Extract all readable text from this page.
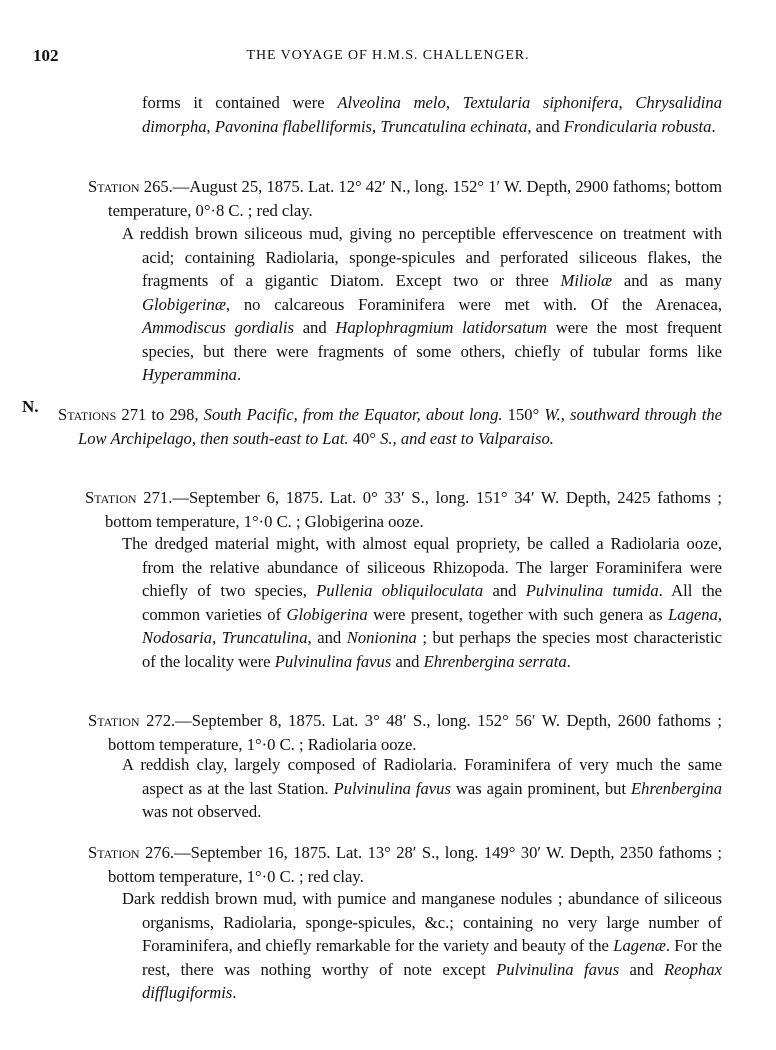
102	THE VOYAGE OF H.M.S. CHALLENGER.
forms it contained were Alveolina melo, Textularia siphonifera, Chrysalidina dimorpha, Pavonina flabelliformis, Truncatulina echinata, and Frondicularia robusta.
Station 265.—August 25, 1875. Lat. 12° 42′ N., long. 152° 1′ W. Depth, 2900 fathoms; bottom temperature, 0°·8 C. ; red clay.
A reddish brown siliceous mud, giving no perceptible effervescence on treatment with acid; containing Radiolaria, sponge-spicules and perforated siliceous flakes, the fragments of a gigantic Diatom. Except two or three Miliolæ and as many Globigerinæ, no calcareous Foraminifera were met with. Of the Arenacea, Ammodiscus gordialis and Haplophragmium latidorsatum were the most frequent species, but there were fragments of some others, chiefly of tubular forms like Hyperammina.
N. Stations 271 to 298, South Pacific, from the Equator, about long. 150° W., southward through the Low Archipelago, then south-east to Lat. 40° S., and east to Valparaiso.
Station 271.—September 6, 1875. Lat. 0° 33′ S., long. 151° 34′ W. Depth, 2425 fathoms ; bottom temperature, 1°·0 C. ; Globigerina ooze.
The dredged material might, with almost equal propriety, be called a Radiolaria ooze, from the relative abundance of siliceous Rhizopoda. The larger Foraminifera were chiefly of two species, Pullenia obliquiloculata and Pulvinulina tumida. All the common varieties of Globigerina were present, together with such genera as Lagena, Nodosaria, Truncatulina, and Nonionina ; but perhaps the species most characteristic of the locality were Pulvinulina favus and Ehrenbergina serrata.
Station 272.—September 8, 1875. Lat. 3° 48′ S., long. 152° 56′ W. Depth, 2600 fathoms ; bottom temperature, 1°·0 C. ; Radiolaria ooze.
A reddish clay, largely composed of Radiolaria. Foraminifera of very much the same aspect as at the last Station. Pulvinulina favus was again prominent, but Ehrenbergina was not observed.
Station 276.—September 16, 1875. Lat. 13° 28′ S., long. 149° 30′ W. Depth, 2350 fathoms ; bottom temperature, 1°·0 C. ; red clay.
Dark reddish brown mud, with pumice and manganese nodules ; abundance of siliceous organisms, Radiolaria, sponge-spicules, &c.; containing no very large number of Foraminifera, and chiefly remarkable for the variety and beauty of the Lagenæ. For the rest, there was nothing worthy of note except Pulvinulina favus and Reophax difflugiformis.
